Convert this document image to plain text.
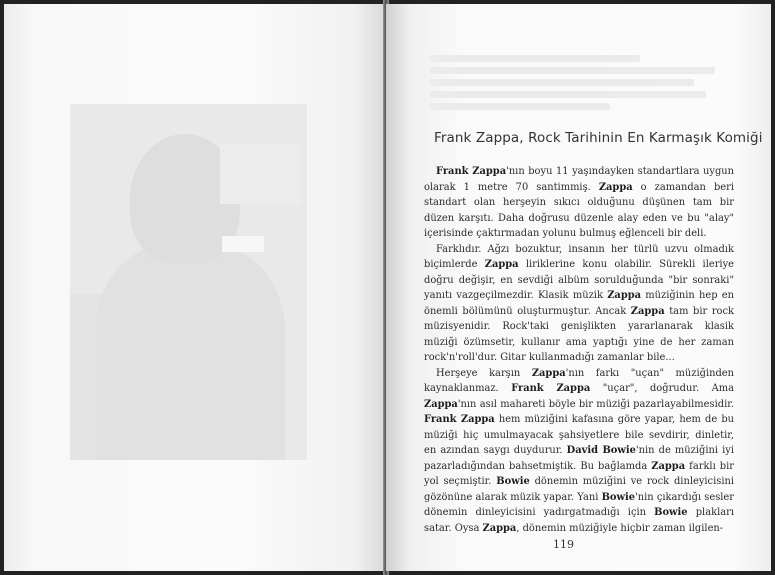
Frank Zappa, Rock Tarihinin En Karmaşık Komiği

Frank Zappa'nın boyu 11 yaşındayken standartlara uygun olarak 1 metre 70 santimmiş. Zappa o zamandan beri standart olan herşeyin sıkıcı olduğunu düşünen tam bir düzen karşıtı. Daha doğrusu düzenle alay eden ve bu "alay" içerisinde çaktırmadan yolunu bulmuş eğlenceli bir deli.

Farklıdır. Ağzı bozuktur, insanın her türlü uzvu olmadık biçimlerde Zappa liriklerine konu olabilir. Sürekli ileriye doğru değişir, en sevdiği albüm sorulduğunda "bir sonraki" yanıtı vazgeçilmezdir. Klasik müzik Zappa müziğinin hep en önemli bölümünü oluşturmuştur. Ancak Zappa tam bir rock müzisyenidir. Rock'taki genişlikten yararlanarak klasik müziği özümsetir, kullanır ama yaptığı yine de her zaman rock'n'roll'dur. Gitar kullanmadığı zamanlar bile...

Herşeye karşın Zappa'nın farkı "uçan" müziğinden kaynaklanmaz. Frank Zappa "uçar", doğrudur. Ama Zappa'nın asıl mahareti böyle bir müziği pazarlayabilmesidir. Frank Zappa hem müziğini kafasına göre yapar, hem de bu müziği hiç umulmayacak şahsiyetlere bile sevdirir, dinletir, en azından saygı duydurur. David Bowie'nin de müziğini iyi pazarladığından bahsetmiştik. Bu bağlamda Zappa farklı bir yol seçmiştir. Bowie dönemin müziğini ve rock dinleyicisini gözönüne alarak müzik yapar. Yani Bowie'nin çıkardığı sesler dönemin dinleyicisini yadırgatmadığı için Bowie plakları satar. Oysa Zappa, dönemin müziğiyle hiçbir zaman ilgilen-

119
